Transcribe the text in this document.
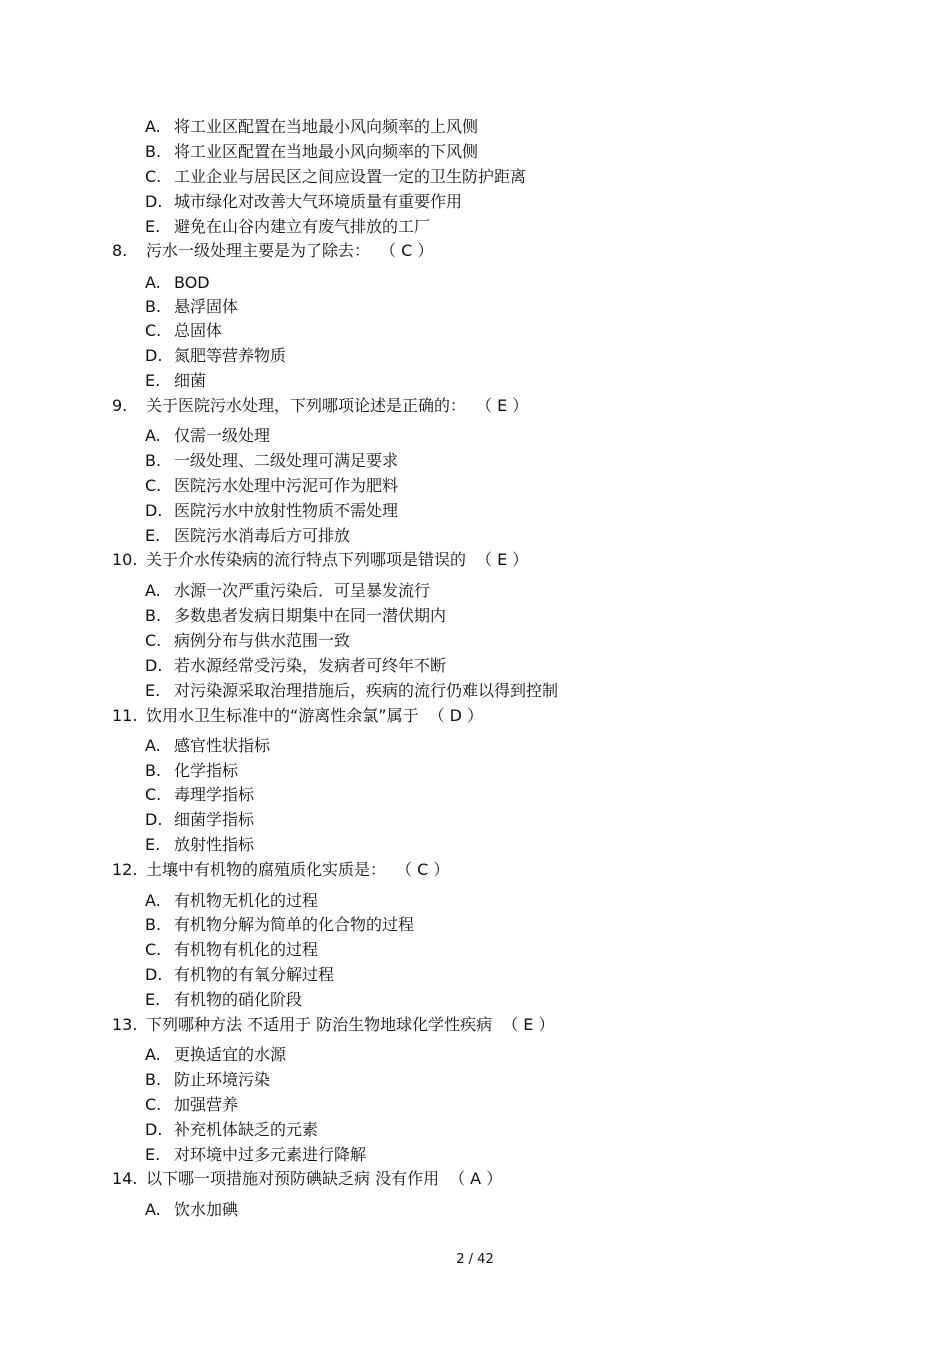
A. 将工业区配置在当地最小风向频率的上风侧
B. 将工业区配置在当地最小风向频率的下风侧
C. 工业企业与居民区之间应设置一定的卫生防护距离
D. 城市绿化对改善大气环境质量有重要作用
E. 避免在山谷内建立有废气排放的工厂
8. 污水一级处理主要是为了除去： （ C ）
A. BOD
B. 悬浮固体
C. 总固体
D. 氮肥等营养物质
E. 细菌
9. 关于医院污水处理，下列哪项论述是正确的： （ E ）
A. 仅需一级处理
B. 一级处理、二级处理可满足要求
C. 医院污水处理中污泥可作为肥料
D. 医院污水中放射性物质不需处理
E. 医院污水消毒后方可排放
10. 关于介水传染病的流行特点下列哪项是错误的 （ E ）
A. 水源一次严重污染后．可呈暴发流行
B. 多数患者发病日期集中在同一潜伏期内
C. 病例分布与供水范围一致
D. 若水源经常受污染，发病者可终年不断
E. 对污染源采取治理措施后，疾病的流行仍难以得到控制
11. 饮用水卫生标准中的“游离性余氯”属于 （ D ）
A. 感官性状指标
B. 化学指标
C. 毒理学指标
D. 细菌学指标
E. 放射性指标
12. 土壤中有机物的腐殖质化实质是： （ C ）
A. 有机物无机化的过程
B. 有机物分解为简单的化合物的过程
C. 有机物有机化的过程
D. 有机物的有氧分解过程
E. 有机物的硝化阶段
13. 下列哪种方法 不适用于 防治生物地球化学性疾病 （ E ）
A. 更换适宜的水源
B. 防止环境污染
C. 加强营养
D. 补充机体缺乏的元素
E. 对环境中过多元素进行降解
14. 以下哪一项措施对预防碘缺乏病 没有作用 （ A ）
A. 饮水加碘
2 / 42
